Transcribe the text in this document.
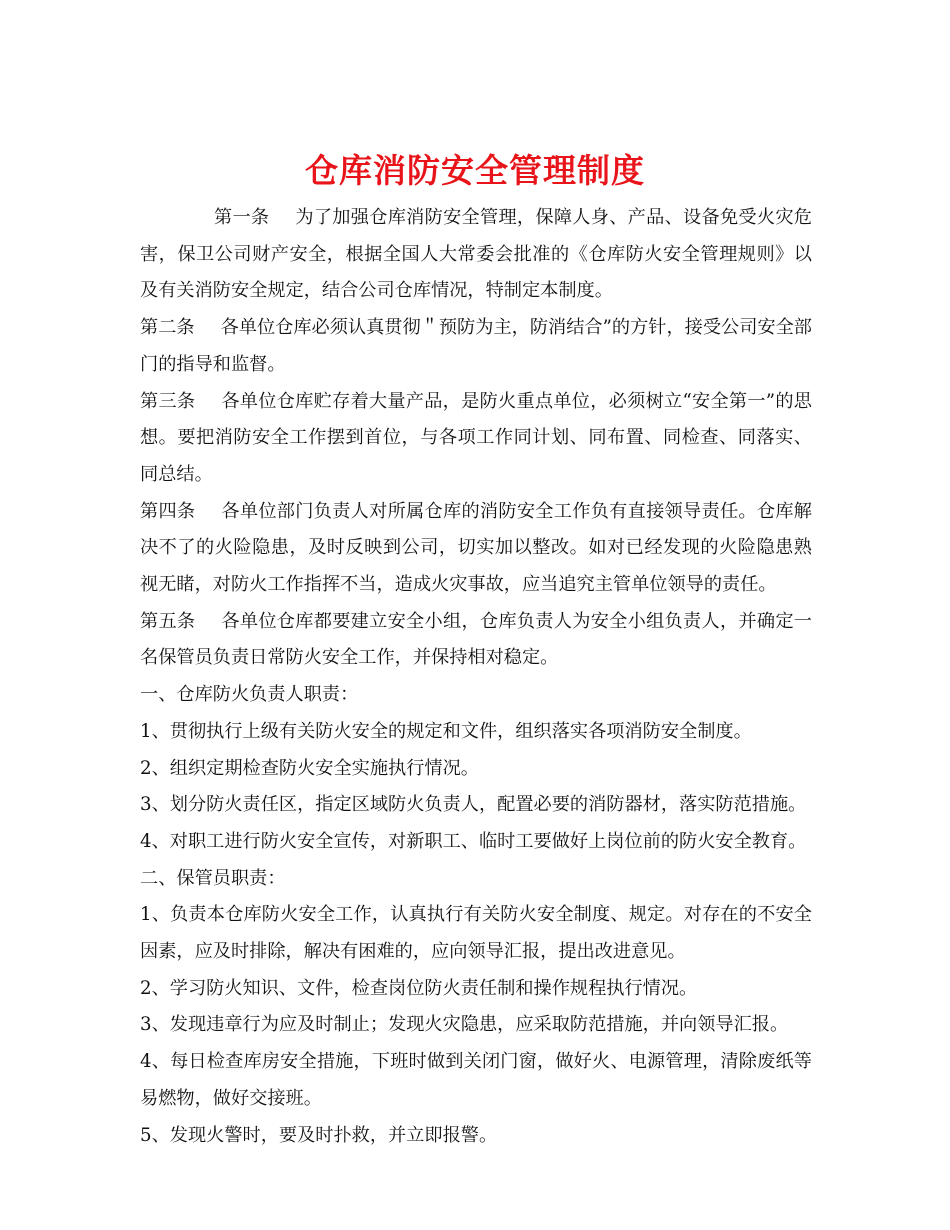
仓库消防安全管理制度

第一条 为了加强仓库消防安全管理，保障人身、产品、设备免受火灾危害，保卫公司财产安全，根据全国人大常委会批准的《仓库防火安全管理规则》以及有关消防安全规定，结合公司仓库情况，特制定本制度。

第二条 各单位仓库必须认真贯彻＂预防为主，防消结合”的方针，接受公司安全部门的指导和监督。

第三条 各单位仓库贮存着大量产品，是防火重点单位，必须树立“安全第一”的思想。要把消防安全工作摆到首位，与各项工作同计划、同布置、同检查、同落实、同总结。

第四条 各单位部门负责人对所属仓库的消防安全工作负有直接领导责任。仓库解决不了的火险隐患，及时反映到公司，切实加以整改。如对已经发现的火险隐患熟视无睹，对防火工作指挥不当，造成火灾事故，应当追究主管单位领导的责任。

第五条 各单位仓库都要建立安全小组，仓库负责人为安全小组负责人，并确定一名保管员负责日常防火安全工作，并保持相对稳定。

一、仓库防火负责人职责：

1、贯彻执行上级有关防火安全的规定和文件，组织落实各项消防安全制度。

2、组织定期检查防火安全实施执行情况。

3、划分防火责任区，指定区域防火负责人，配置必要的消防器材，落实防范措施。

4、对职工进行防火安全宣传，对新职工、临时工要做好上岗位前的防火安全教育。

二、保管员职责：

1、负责本仓库防火安全工作，认真执行有关防火安全制度、规定。对存在的不安全因素，应及时排除，解决有困难的，应向领导汇报，提出改进意见。

2、学习防火知识、文件，检查岗位防火责任制和操作规程执行情况。

3、发现违章行为应及时制止；发现火灾隐患，应采取防范措施，并向领导汇报。

4、每日检查库房安全措施，下班时做到关闭门窗，做好火、电源管理，清除废纸等易燃物，做好交接班。

5、发现火警时，要及时扑救，并立即报警。
